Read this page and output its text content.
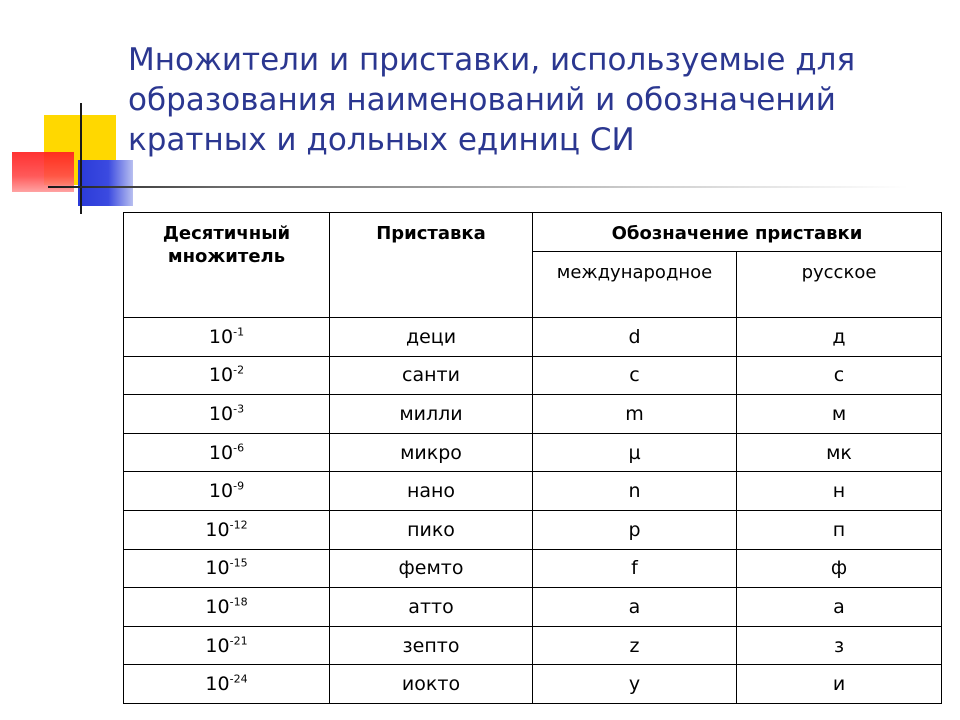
Множители и приставки, используемые для
образования наименований и обозначений
кратных и дольных единиц СИ
Десятичный множитель	Приставка	Обозначение приставки	
		международное	русское
$10^{-1}$	деци	d	д
$10^{-2}$	санти	c	с
$10^{-3}$	милли	m	м
$10^{-6}$	микро	µ	мк
$10^{-9}$	нано	n	н
$10^{-12}$	пико	p	п
$10^{-15}$	фемто	f	ф
$10^{-18}$	атто	a	а
$10^{-21}$	зепто	z	з
$10^{-24}$	иокто	y	и
